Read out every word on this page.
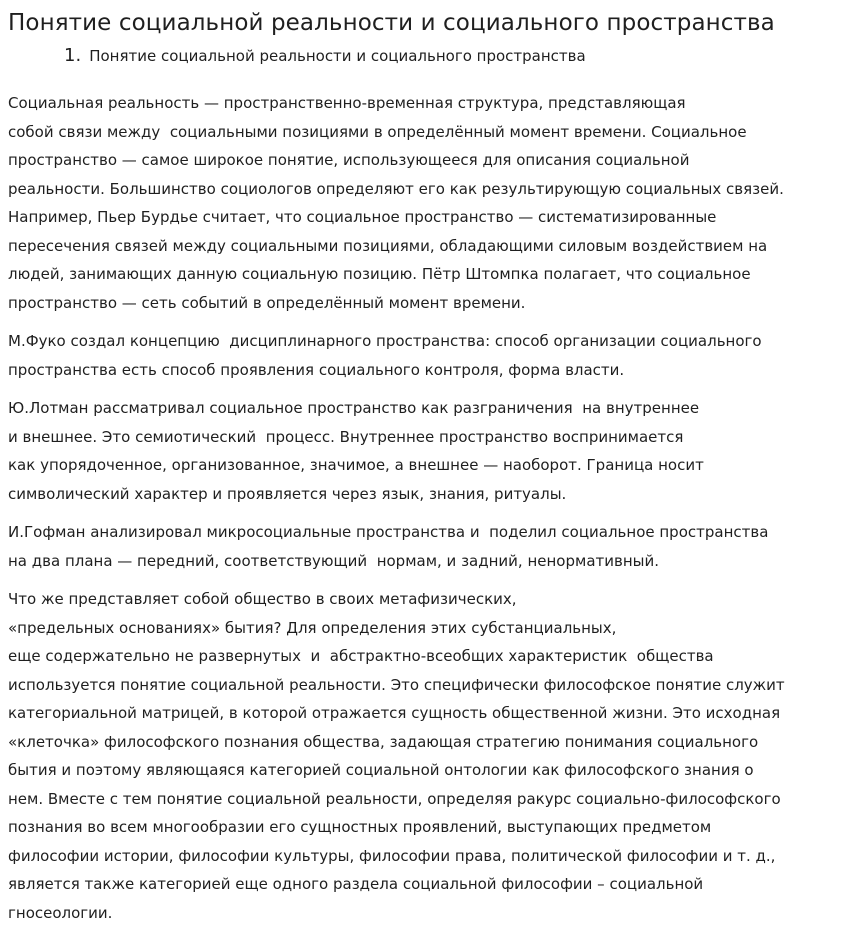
Понятие социальной реальности и социального пространства
1. Понятие социальной реальности и социального пространства

Социальная реальность — пространственно-временная структура, представляющая
собой связи между  социальными позициями в определённый момент времени. Социальное
пространство — самое широкое понятие, использующееся для описания социальной
реальности. Большинство социологов определяют его как результирующую социальных связей.
Например, Пьер Бурдье считает, что социальное пространство — систематизированные
пересечения связей между социальными позициями, обладающими силовым воздействием на
людей, занимающих данную социальную позицию. Пётр Штомпка полагает, что социальное
пространство — сеть событий в определённый момент времени.

М.Фуко создал концепцию  дисциплинарного пространства: способ организации социального
пространства есть способ проявления социального контроля, форма власти.

Ю.Лотман рассматривал социальное пространство как разграничения  на внутреннее
и внешнее. Это семиотический  процесс. Внутреннее пространство воспринимается
как упорядоченное, организованное, значимое, а внешнее — наоборот. Граница носит
символический характер и проявляется через язык, знания, ритуалы.

И.Гофман анализировал микросоциальные пространства и  поделил социальное пространства
на два плана — передний, соответствующий  нормам, и задний, ненормативный.

Что же представляет собой общество в своих метафизических,
«предельных основаниях» бытия? Для определения этих субстанциальных,
еще содержательно не развернутых  и  абстрактно-всеобщих характеристик  общества
используется понятие социальной реальности. Это специфически философское понятие служит
категориальной матрицей, в которой отражается сущность общественной жизни. Это исходная
«клеточка» философского познания общества, задающая стратегию понимания социального
бытия и поэтому являющаяся категорией социальной онтологии как философского знания о
нем. Вместе с тем понятие социальной реальности, определяя ракурс социально-философского
познания во всем многообразии его сущностных проявлений, выступающих предметом
философии истории, философии культуры, философии права, политической философии и т. д.,
является также категорией еще одного раздела социальной философии – социальной
гносеологии.
